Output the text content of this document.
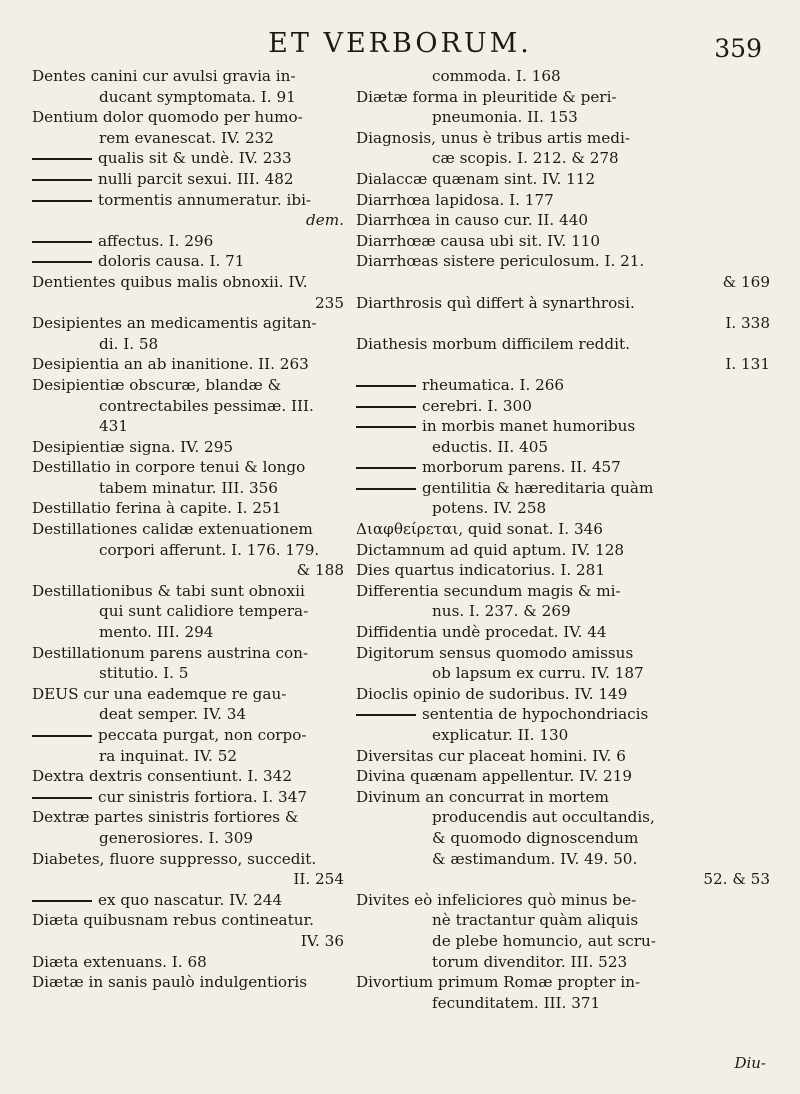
ET VERBORUM.	359
Dentes canini cur avulsi gravia in-
ducant symptomata. I. 91
Dentium dolor quomodo per humo-
rem evanescat. IV. 232
qualis sit & undè. IV. 233
nulli parcit sexui. III. 482
tormentis annumeratur. ibi-
dem.
affectus. I. 296
doloris causa. I. 71
Dentientes quibus malis obnoxii. IV.
235
Desipientes an medicamentis agitan-
di. I. 58
Desipientia an ab inanitione. II. 263
Desipientiæ obscuræ, blandæ &
contrectabiles pessimæ. III.
431
Desipientiæ signa. IV. 295
Destillatio in corpore tenui & longo
tabem minatur. III. 356
Destillatio ferina à capite. I. 251
Destillationes calidæ extenuationem
corpori afferunt. I. 176. 179.
& 188
Destillationibus & tabi sunt obnoxii
qui sunt calidiore tempera-
mento. III. 294
Destillationum parens austrina con-
stitutio. I. 5
DEUS cur una eademque re gau-
deat semper. IV. 34
peccata purgat, non corpo-
ra inquinat. IV. 52
Dextra dextris consentiunt. I. 342
cur sinistris fortiora. I. 347
Dextræ partes sinistris fortiores &
generosiores. I. 309
Diabetes, fluore suppresso, succedit.
II. 254
ex quo nascatur. IV. 244
Diæta quibusnam rebus contineatur.
IV. 36
Diæta extenuans. I. 68
Diætæ in sanis paulò indulgentioris
commoda. I. 168
Diætæ forma in pleuritide & peri-
pneumonia. II. 153
Diagnosis, unus è tribus artis medi-
cæ scopis. I. 212. & 278
Dialaccæ quænam sint. IV. 112
Diarrhœa lapidosa. I. 177
Diarrhœa in causo cur. II. 440
Diarrhœæ causa ubi sit. IV. 110
Diarrhœas sistere periculosum. I. 21.
& 169
Diarthrosis quì differt à synarthrosi.
I. 338
Diathesis morbum difficilem reddit.
I. 131
rheumatica. I. 266
cerebri. I. 300
in morbis manet humoribus
eductis. II. 405
morborum parens. II. 457
gentilitia & hæreditaria quàm
potens. IV. 258
Διαφθείρεται, quid sonat. I. 346
Dictamnum ad quid aptum. IV. 128
Dies quartus indicatorius. I. 281
Differentia secundum magis & mi-
nus. I. 237. & 269
Diffidentia undè procedat. IV. 44
Digitorum sensus quomodo amissus
ob lapsum ex curru. IV. 187
Dioclis opinio de sudoribus. IV. 149
sententia de hypochondriacis
explicatur. II. 130
Diversitas cur placeat homini. IV. 6
Divina quænam appellentur. IV. 219
Divinum an concurrat in mortem
producendis aut occultandis,
& quomodo dignoscendum
& æstimandum. IV. 49. 50.
52. & 53
Divites eò infeliciores quò minus be-
nè tractantur quàm aliquis
de plebe homuncio, aut scru-
torum divenditor. III. 523
Divortium primum Romæ propter in-
fecunditatem. III. 371
Diu-
